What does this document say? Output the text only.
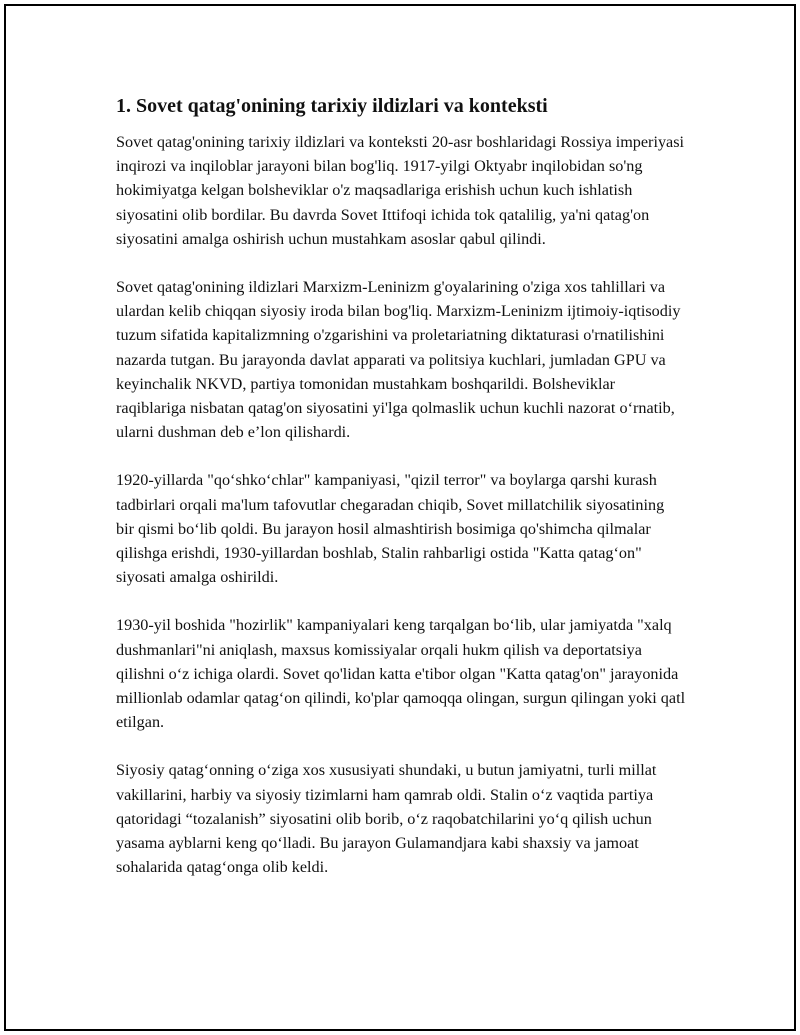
1. Sovet qatag'onining tarixiy ildizlari va konteksti

Sovet qatag'onining tarixiy ildizlari va konteksti 20-asr boshlaridagi Rossiya imperiyasi inqirozi va inqiloblar jarayoni bilan bog'liq. 1917-yilgi Oktyabr inqilobidan so'ng hokimiyatga kelgan bolsheviklar o'z maqsadlariga erishish uchun kuch ishlatish siyosatini olib bordilar. Bu davrda Sovet Ittifoqi ichida tok qatalilig, ya'ni qatag'on siyosatini amalga oshirish uchun mustahkam asoslar qabul qilindi.

Sovet qatag'onining ildizlari Marxizm-Leninizm g'oyalarining o'ziga xos tahlillari va ulardan kelib chiqqan siyosiy iroda bilan bog'liq. Marxizm-Leninizm ijtimoiy-iqtisodiy tuzum sifatida kapitalizmning o'zgarishini va proletariatning diktaturasi o'rnatilishini nazarda tutgan. Bu jarayonda davlat apparati va politsiya kuchlari, jumladan GPU va keyinchalik NKVD, partiya tomonidan mustahkam boshqarildi. Bolsheviklar raqiblariga nisbatan qatag'on siyosatini yi'lga qolmaslik uchun kuchli nazorat o‘rnatib, ularni dushman deb e’lon qilishardi.

1920-yillarda "qo‘shko‘chlar" kampaniyasi, "qizil terror" va boylarga qarshi kurash tadbirlari orqali ma'lum tafovutlar chegaradan chiqib, Sovet millatchilik siyosatining bir qismi bo‘lib qoldi. Bu jarayon hosil almashtirish bosimiga qo'shimcha qilmalar qilishga erishdi, 1930-yillardan boshlab, Stalin rahbarligi ostida "Katta qatag‘on" siyosati amalga oshirildi.

1930-yil boshida "hozirlik" kampaniyalari keng tarqalgan bo‘lib, ular jamiyatda "xalq dushmanlari"ni aniqlash, maxsus komissiyalar orqali hukm qilish va deportatsiya qilishni o‘z ichiga olardi. Sovet qo'lidan katta e'tibor olgan "Katta qatag'on" jarayonida millionlab odamlar qatag‘on qilindi, ko'plar qamoqqa olingan, surgun qilingan yoki qatl etilgan.

Siyosiy qatag‘onning o‘ziga xos xususiyati shundaki, u butun jamiyatni, turli millat vakillarini, harbiy va siyosiy tizimlarni ham qamrab oldi. Stalin o‘z vaqtida partiya qatoridagi “tozalanish” siyosatini olib borib, o‘z raqobatchilarini yo‘q qilish uchun yasama ayblarni keng qo‘lladi. Bu jarayon Gulamandjara kabi shaxsiy va jamoat sohalarida qatag‘onga olib keldi.
